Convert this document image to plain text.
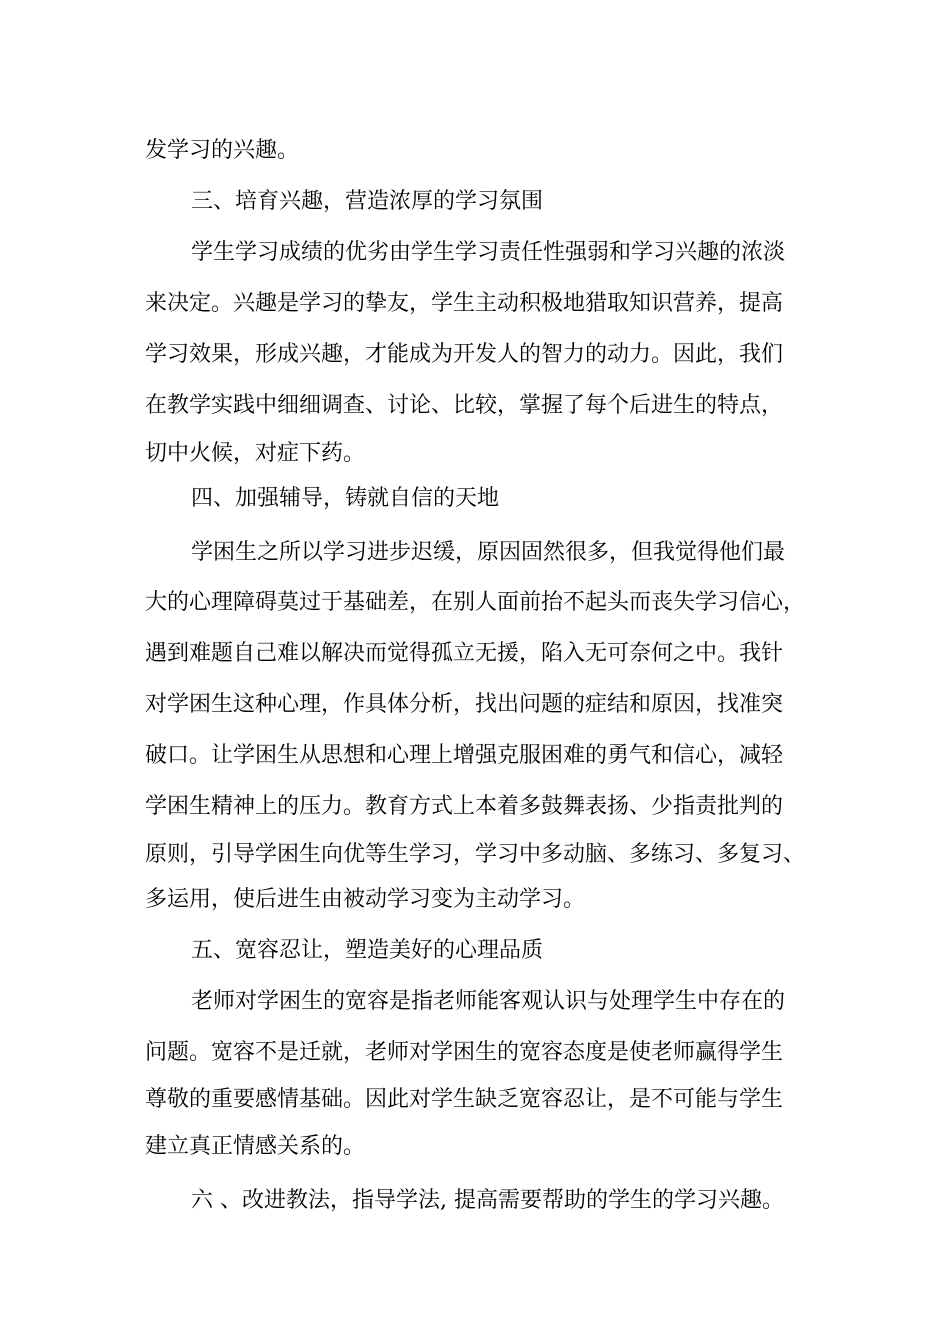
发学习的兴趣。
三、培育兴趣，营造浓厚的学习氛围
学生学习成绩的优劣由学生学习责任性强弱和学习兴趣的浓淡
来决定。兴趣是学习的挚友，学生主动积极地猎取知识营养，提高
学习效果，形成兴趣，才能成为开发人的智力的动力。因此，我们
在教学实践中细细调查、讨论、比较，掌握了每个后进生的特点，
切中火候，对症下药。
四、加强辅导，铸就自信的天地
学困生之所以学习进步迟缓，原因固然很多，但我觉得他们最
大的心理障碍莫过于基础差，在别人面前抬不起头而丧失学习信心，
遇到难题自己难以解决而觉得孤立无援，陷入无可奈何之中。我针
对学困生这种心理，作具体分析，找出问题的症结和原因，找准突
破口。让学困生从思想和心理上增强克服困难的勇气和信心，减轻
学困生精神上的压力。教育方式上本着多鼓舞表扬、少指责批判的
原则，引导学困生向优等生学习，学习中多动脑、多练习、多复习、
多运用，使后进生由被动学习变为主动学习。
五、宽容忍让，塑造美好的心理品质
老师对学困生的宽容是指老师能客观认识与处理学生中存在的
问题。宽容不是迁就，老师对学困生的宽容态度是使老师赢得学生
尊敬的重要感情基础。因此对学生缺乏宽容忍让，是不可能与学生
建立真正情感关系的。
六 、改进教法，指导学法, 提高需要帮助的学生的学习兴趣。
